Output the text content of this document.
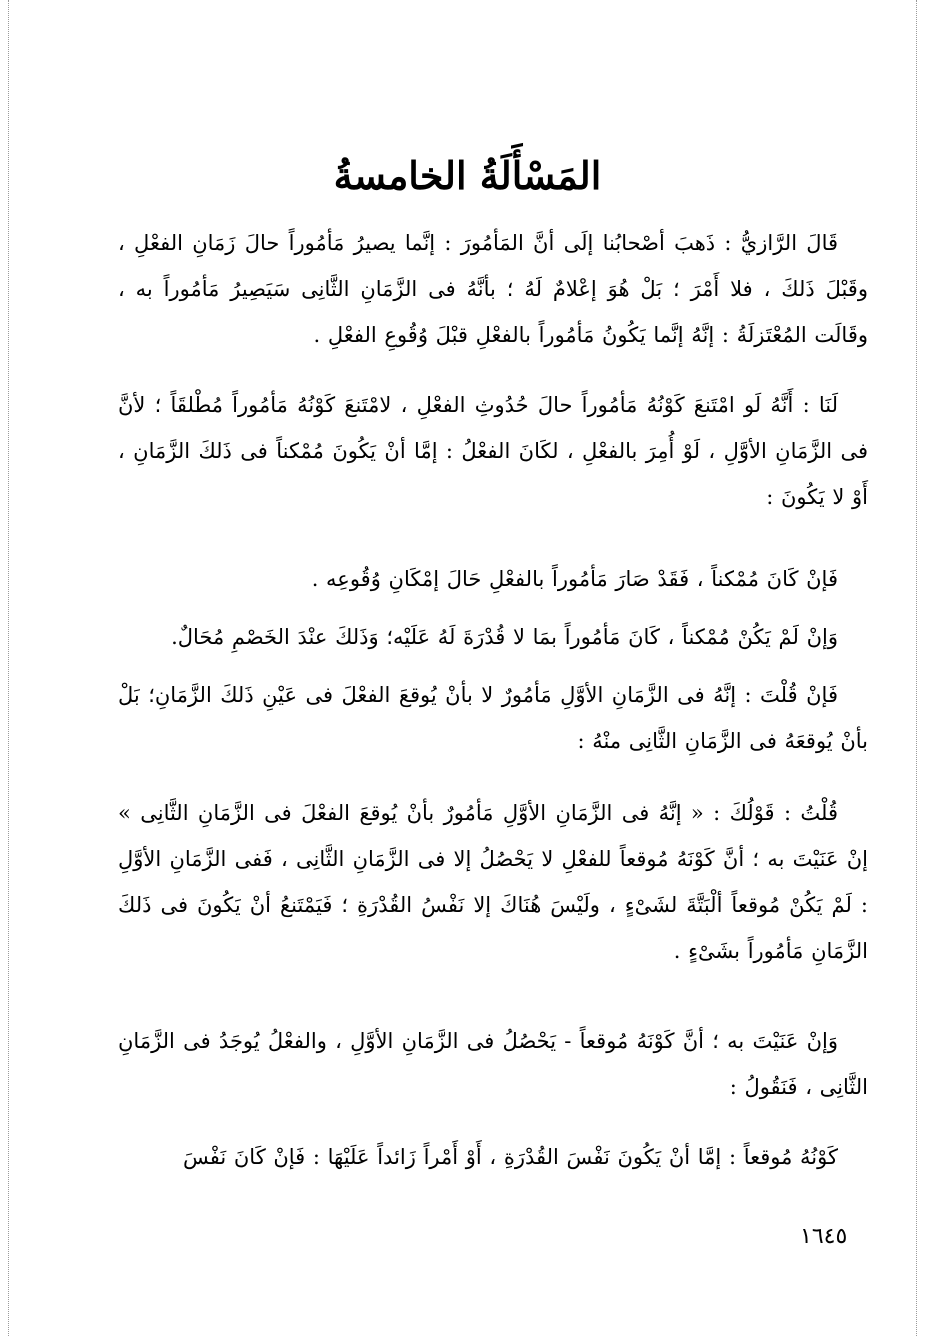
المَسْأَلَةُ الخامسةُ

قَالَ الرَّازيُّ : ذَهبَ أصْحابُنا إلَى أنَّ المَأمُورَ : إنَّما يصيرُ مَأمُوراً حالَ زَمَانِ الفعْلِ ، وقَبْلَ ذَلكَ ، فلا أَمْرَ ؛ بَلْ هُوَ إعْلامٌ لَهُ ؛ بأنَّهُ فى الزَّمَانِ الثَّانِى سَيَصِيرُ مَأمُوراً به ، وقَالَت المُعْتَزلَةُ : إنَّهُ إنَّما يَكُونُ مَأمُوراً بالفعْلِ قبْلَ وُقُوعِ الفعْلِ .

لَنَا : أَنَّهُ لَو امْتَنعَ كَوْنُهُ مَأمُوراً حالَ حُدُوثِ الفعْلِ ، لامْتَنعَ كَوْنُهُ مَأمُوراً مُطْلقَاً ؛ لأنَّ فى الزَّمَانِ الأوَّلِ ، لَوْ أُمِرَ بالفعْلِ ، لكَانَ الفعْلُ : إمَّا أنْ يَكُونَ مُمْكناً فى ذَلكَ الزَّمَانِ ، أَوْ لا يَكُونَ :

فَإنْ كَانَ مُمْكناً ، فَقَدْ صَارَ مَأمُوراً بالفعْلِ حَالَ إمْكَانِ وُقُوعِه .

وَإنْ لَمْ يَكُنْ مُمْكناً ، كَانَ مَأمُوراً بمَا لا قُدْرَةَ لَهُ عَلَيْه؛ وَذَلكَ عنْدَ الخَصْمِ مُحَالٌ.

فَإنْ قُلْتَ : إنَّهُ فى الزَّمَانِ الأوَّلِ مَأمُورٌ لا بأنْ يُوقعَ الفعْلَ فى عَيْنِ ذَلكَ الزَّمَانِ؛ بَلْ بأنْ يُوقعَهُ فى الزَّمَانِ الثَّانِى منْهُ :

قُلْتُ : قَوْلُكَ : « إنَّهُ فى الزَّمَانِ الأوَّلِ مَأمُورٌ بأنْ يُوقعَ الفعْلَ فى الزَّمَانِ الثَّانِى » إنْ عَنَيْتَ به ؛ أنَّ كَوْنَهُ مُوقعاً للفعْلِ لا يَحْصُلُ إلا فى الزَّمَانِ الثَّانِى ، فَفى الزَّمَانِ الأوَّلِ : لَمْ يَكُنْ مُوقعاً ألْبَتَّةَ لشَىْءٍ ، ولَيْسَ هُنَاكَ إلا نَفْسُ القُدْرَةِ ؛ فَيَمْتَنعُ أنْ يَكُونَ فى ذَلكَ الزَّمَانِ مَأمُوراً بشَىْءٍ .

وَإنْ عَنَيْتَ به ؛ أنَّ كَوْنَهُ مُوقعاً - يَحْصُلُ فى الزَّمَانِ الأوَّلِ ، والفعْلُ يُوجَدُ فى الزَّمَانِ الثَّانِى ، فَنَقُولُ :

كَوْنُهُ مُوقعاً : إمَّا أنْ يَكُونَ نَفْسَ القُدْرَةِ ، أَوْ أَمْراً زَائداً عَلَيْهَا : فَإنْ كَانَ نَفْسَ

١٦٤٥
